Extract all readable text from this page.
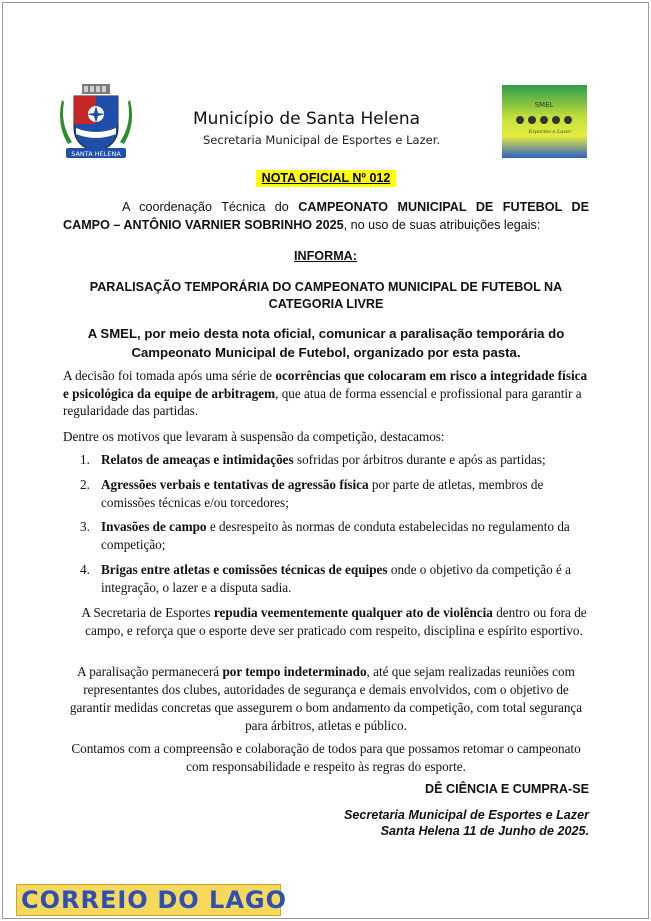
SANTA HELENA
Município de Santa Helena
Secretaria Municipal de Esportes e Lazer.
SMEL
Esportes e Lazer
NOTA OFICIAL Nº 012

A coordenação Técnica do CAMPEONATO MUNICIPAL DE FUTEBOL DE CAMPO – ANTÔNIO VARNIER SOBRINHO 2025, no uso de suas atribuições legais:

INFORMA:
PARALISAÇÃO TEMPORÁRIA DO CAMPEONATO MUNICIPAL DE FUTEBOL NA CATEGORIA LIVRE
A SMEL, por meio desta nota oficial, comunicar a paralisação temporária do Campeonato Municipal de Futebol, organizado por esta pasta.

A decisão foi tomada após uma série de ocorrências que colocaram em risco a integridade física e psicológica da equipe de arbitragem, que atua de forma essencial e profissional para garantir a regularidade das partidas.

Dentre os motivos que levaram à suspensão da competição, destacamos:

1. Relatos de ameaças e intimidações sofridas por árbitros durante e após as partidas;
2. Agressões verbais e tentativas de agressão física por parte de atletas, membros de comissões técnicas e/ou torcedores;
3. Invasões de campo e desrespeito às normas de conduta estabelecidas no regulamento da competição;
4. Brigas entre atletas e comissões técnicas de equipes onde o objetivo da competição é a integração, o lazer e a disputa sadia.

A Secretaria de Esportes repudia veementemente qualquer ato de violência dentro ou fora de campo, e reforça que o esporte deve ser praticado com respeito, disciplina e espírito esportivo.

A paralisação permanecerá por tempo indeterminado, até que sejam realizadas reuniões com representantes dos clubes, autoridades de segurança e demais envolvidos, com o objetivo de garantir medidas concretas que assegurem o bom andamento da competição, com total segurança para árbitros, atletas e público.

Contamos com a compreensão e colaboração de todos para que possamos retomar o campeonato com responsabilidade e respeito às regras do esporte.

DÊ CIÊNCIA E CUMPRA-SE
Secretaria Municipal de Esportes e Lazer
Santa Helena 11 de Junho de 2025.
CORREIO DO LAGO
